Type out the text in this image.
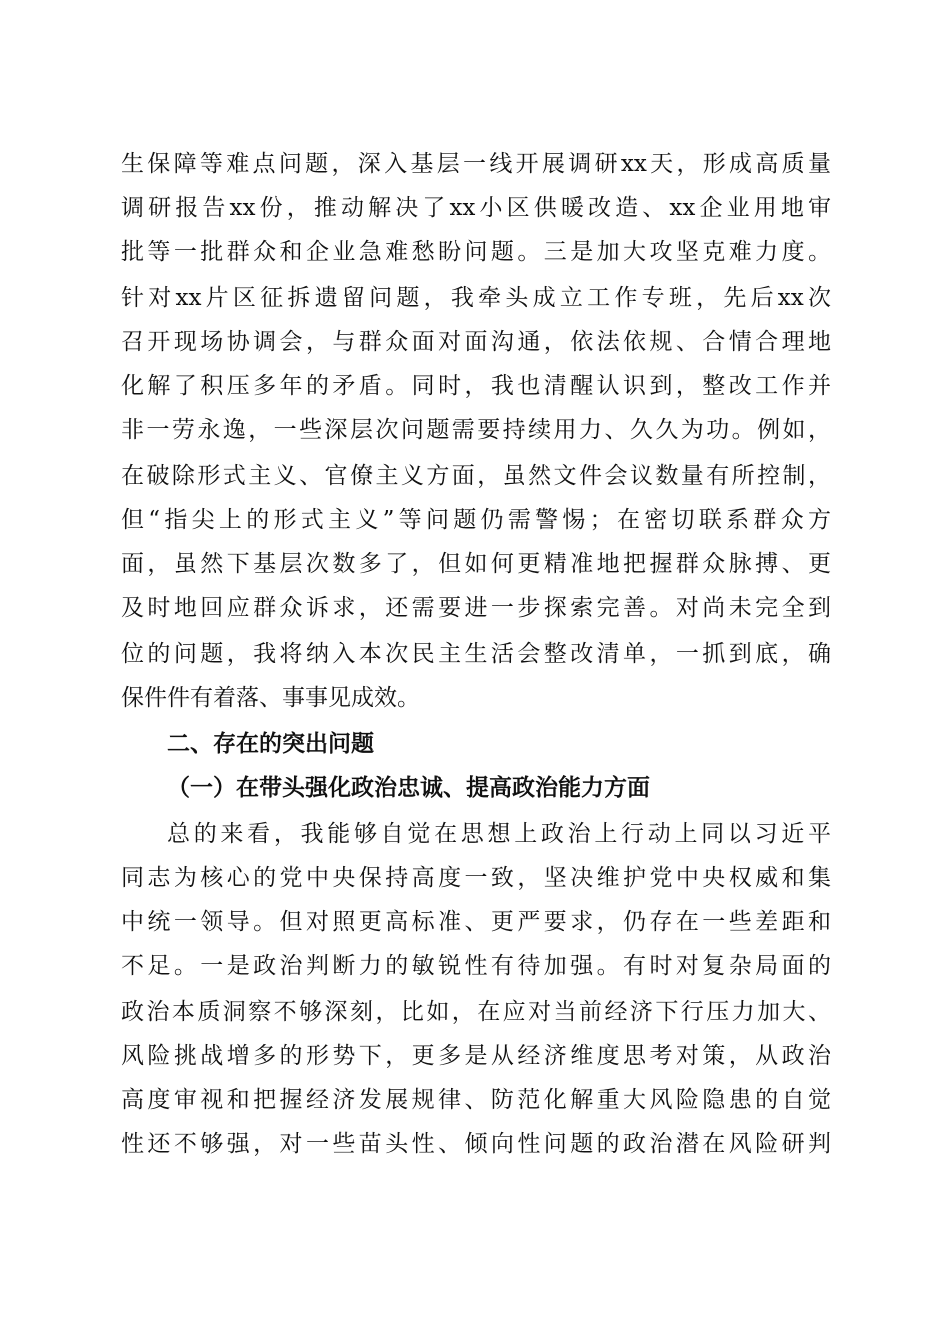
生保障等难点问题，深入基层一线开展调研xx天，形成高质量
调研报告xx份，推动解决了xx小区供暖改造、xx企业用地审
批等一批群众和企业急难愁盼问题。三是加大攻坚克难力度。
针对xx片区征拆遗留问题，我牵头成立工作专班，先后xx次
召开现场协调会，与群众面对面沟通，依法依规、合情合理地
化解了积压多年的矛盾。同时，我也清醒认识到，整改工作并
非一劳永逸，一些深层次问题需要持续用力、久久为功。例如，
在破除形式主义、官僚主义方面，虽然文件会议数量有所控制，
但“指尖上的形式主义”等问题仍需警惕；在密切联系群众方
面，虽然下基层次数多了，但如何更精准地把握群众脉搏、更
及时地回应群众诉求，还需要进一步探索完善。对尚未完全到
位的问题，我将纳入本次民主生活会整改清单，一抓到底，确
保件件有着落、事事见成效。
二、存在的突出问题
（一）在带头强化政治忠诚、提高政治能力方面
总的来看，我能够自觉在思想上政治上行动上同以习近平
同志为核心的党中央保持高度一致，坚决维护党中央权威和集
中统一领导。但对照更高标准、更严要求，仍存在一些差距和
不足。一是政治判断力的敏锐性有待加强。有时对复杂局面的
政治本质洞察不够深刻，比如，在应对当前经济下行压力加大、
风险挑战增多的形势下，更多是从经济维度思考对策，从政治
高度审视和把握经济发展规律、防范化解重大风险隐患的自觉
性还不够强，对一些苗头性、倾向性问题的政治潜在风险研判
